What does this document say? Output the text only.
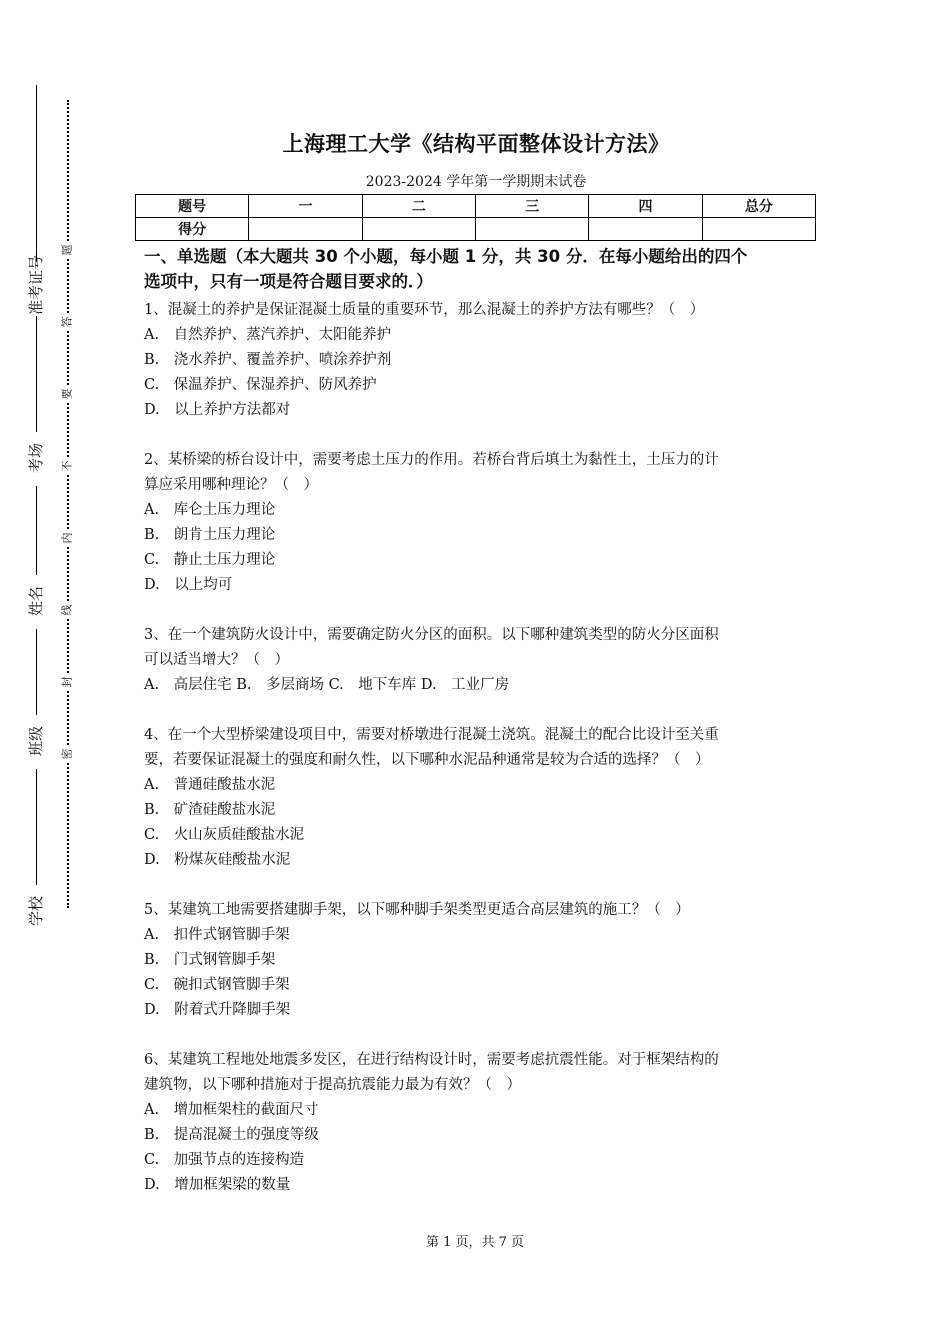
准考证号
考场
姓名
班级
学校
题
答
要
不
内
线
封
密
上海理工大学《结构平面整体设计方法》
2023-2024 学年第一学期期末试卷
题号	一	二	三	四	总分
得分					
一、单选题（本大题共 30 个小题，每小题 1 分，共 30 分．在每小题给出的四个
选项中，只有一项是符合题目要求的．）

1、混凝土的养护是保证混凝土质量的重要环节，那么混凝土的养护方法有哪些？（　）

A.　自然养护、蒸汽养护、太阳能养护

B.　浇水养护、覆盖养护、喷涂养护剂

C.　保温养护、保湿养护、防风养护

D.　以上养护方法都对

2、某桥梁的桥台设计中，需要考虑土压力的作用。若桥台背后填土为黏性土，土压力的计

算应采用哪种理论？（　）

A.　库仑土压力理论

B.　朗肯土压力理论

C.　静止土压力理论

D.　以上均可

3、在一个建筑防火设计中，需要确定防火分区的面积。以下哪种建筑类型的防火分区面积

可以适当增大？（　）

A.　高层住宅 B.　多层商场 C.　地下车库 D.　工业厂房

4、在一个大型桥梁建设项目中，需要对桥墩进行混凝土浇筑。混凝土的配合比设计至关重

要，若要保证混凝土的强度和耐久性，以下哪种水泥品种通常是较为合适的选择？（　）

A.　普通硅酸盐水泥

B.　矿渣硅酸盐水泥

C.　火山灰质硅酸盐水泥

D.　粉煤灰硅酸盐水泥

5、某建筑工地需要搭建脚手架，以下哪种脚手架类型更适合高层建筑的施工？（　）

A.　扣件式钢管脚手架

B.　门式钢管脚手架

C.　碗扣式钢管脚手架

D.　附着式升降脚手架

6、某建筑工程地处地震多发区，在进行结构设计时，需要考虑抗震性能。对于框架结构的

建筑物，以下哪种措施对于提高抗震能力最为有效？（　）

A.　增加框架柱的截面尺寸

B.　提高混凝土的强度等级

C.　加强节点的连接构造

D.　增加框架梁的数量

第 1 页，共 7 页
